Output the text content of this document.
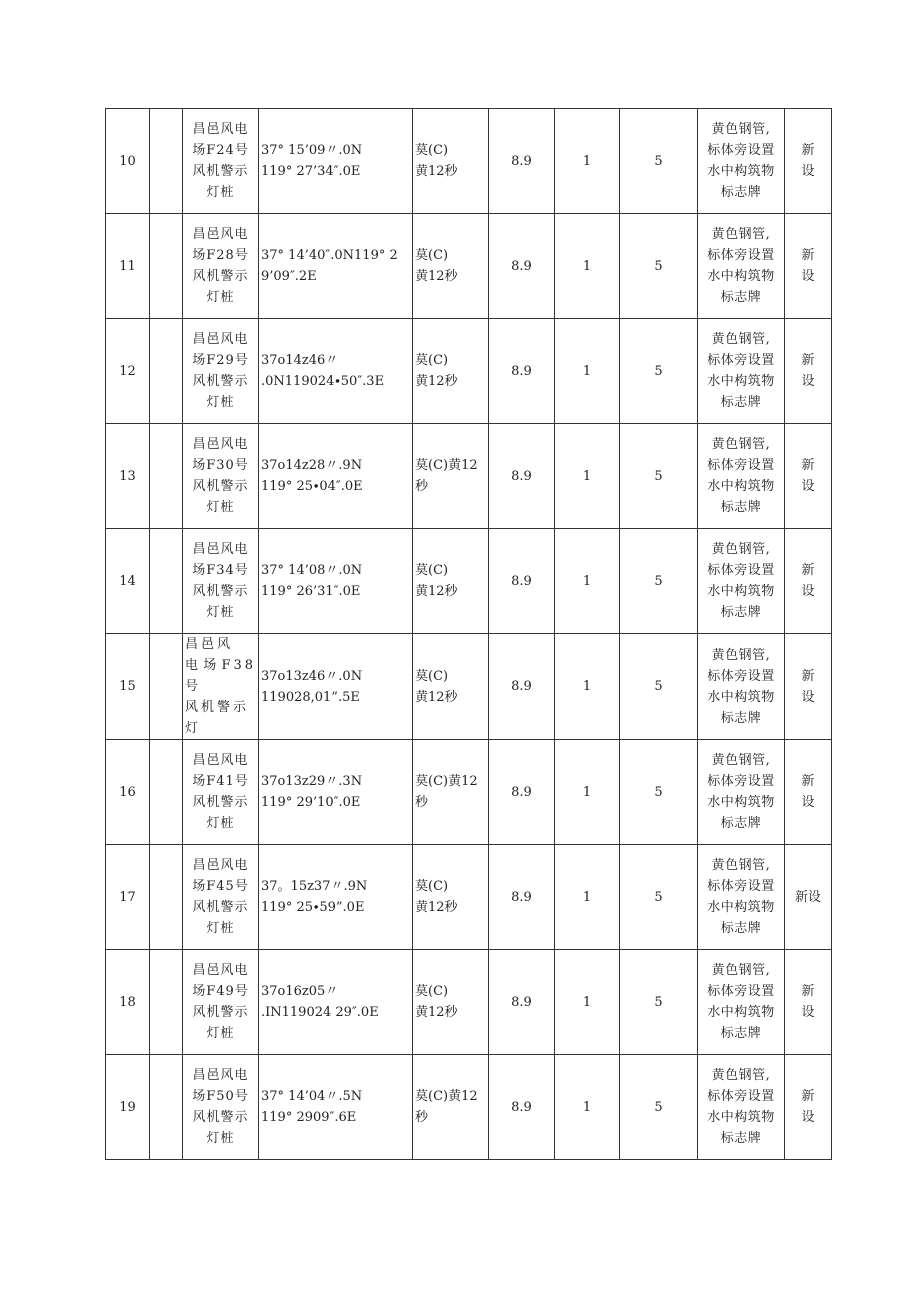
10		昌邑风电
场F24号
风机警示
灯桩	37° 15’09〃.0N
119° 27’34″.0E	莫(C)
黄12秒	8.9	1	5	黄色钢管,
标体旁设置
水中构筑物
标志牌	新
设

11		昌邑风电
场F28号
风机警示
灯桩	37° 14’40″.0N119° 2
9’09″.2E	莫(C)
黄12秒	8.9	1	5	黄色钢管,
标体旁设置
水中构筑物
标志牌	新
设

12		昌邑风电
场F29号
风机警示
灯桩	37o14z46〃
.0N119024∙50″.3E	莫(C)
黄12秒	8.9	1	5	黄色钢管,
标体旁设置
水中构筑物
标志牌	新
设

13		昌邑风电
场F30号
风机警示
灯桩	37o14z28〃.9N
119° 25∙04″.0E	莫(C)黄12
秒	8.9	1	5	黄色钢管,
标体旁设置
水中构筑物
标志牌	新
设

14		昌邑风电
场F34号
风机警示
灯桩	37° 14’08〃.0N
119° 26’31″.0E	莫(C)
黄12秒	8.9	1	5	黄色钢管,
标体旁设置
水中构筑物
标志牌	新
设

15		昌邑风
电场F38号
风机警示
灯	37o13z46〃.0N
119028,01”.5E	莫(C)
黄12秒	8.9	1	5	黄色钢管,
标体旁设置
水中构筑物
标志牌	新
设

16		昌邑风电
场F41号
风机警示
灯桩	37o13z29〃.3N
119° 29’10″.0E	莫(C)黄12
秒	8.9	1	5	黄色钢管,
标体旁设置
水中构筑物
标志牌	新
设

17		昌邑风电
场F45号
风机警示
灯桩	37。15z37〃.9N
119° 25∙59”.0E	莫(C)
黄12秒	8.9	1	5	黄色钢管,
标体旁设置
水中构筑物
标志牌	新设

18		昌邑风电
场F49号
风机警示
灯桩	37o16z05〃
.IN119024 29″.0E	莫(C)
黄12秒	8.9	1	5	黄色钢管,
标体旁设置
水中构筑物
标志牌	新
设

19		昌邑风电
场F50号
风机警示
灯桩	37° 14’04〃.5N
119° 2909″.6E	莫(C)黄12
秒	8.9	1	5	黄色钢管,
标体旁设置
水中构筑物
标志牌	新
设
